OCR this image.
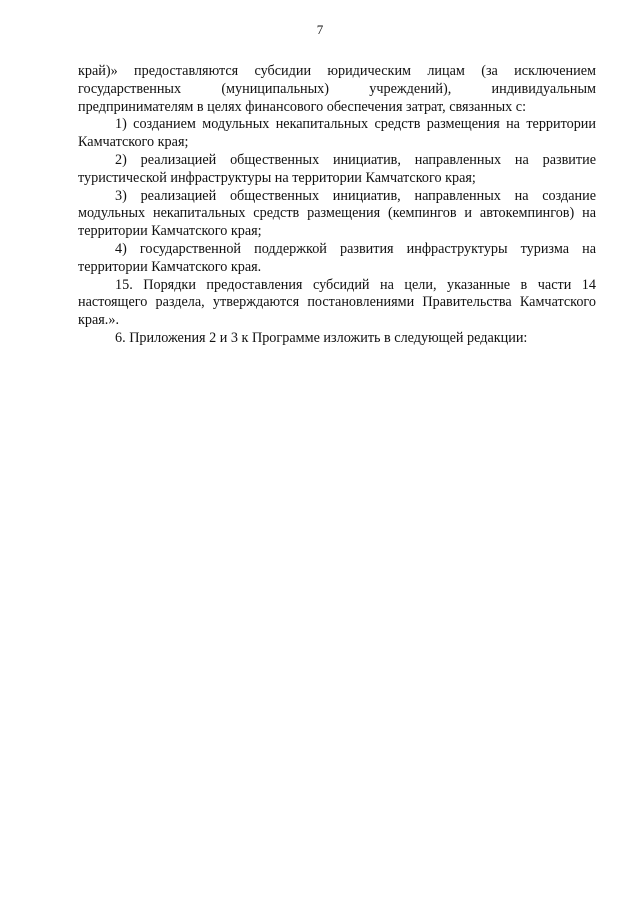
7

край)» предоставляются субсидии юридическим лицам (за исключением государственных (муниципальных) учреждений), индивидуальным предпринимателям в целях финансового обеспечения затрат, связанных с:

1) созданием модульных некапитальных средств размещения на территории Камчатского края;

2) реализацией общественных инициатив, направленных на развитие туристической инфраструктуры на территории Камчатского края;

3) реализацией общественных инициатив, направленных на создание модульных некапитальных средств размещения (кемпингов и автокемпингов) на территории Камчатского края;

4) государственной поддержкой развития инфраструктуры туризма на территории Камчатского края.

15. Порядки предоставления субсидий на цели, указанные в части 14 настоящего раздела, утверждаются постановлениями Правительства Камчатского края.».

6. Приложения 2 и 3 к Программе изложить в следующей редакции:
